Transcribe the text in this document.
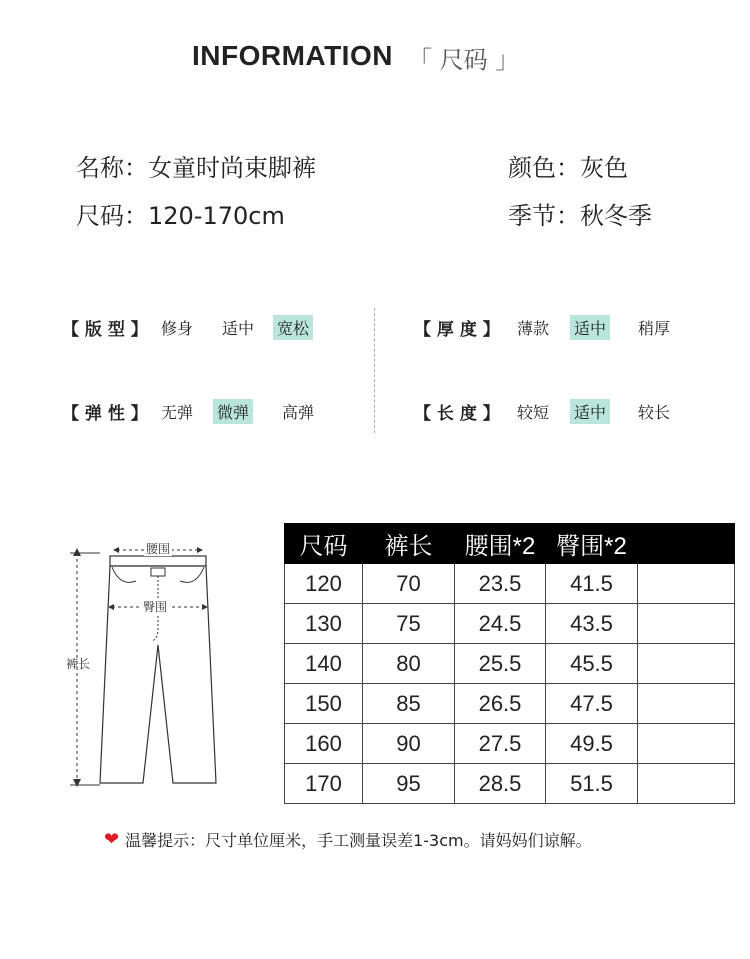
INFORMATION 「 尺码 」
名称：女童时尚束脚裤	颜色：灰色
尺码：120-170cm	季节：秋冬季
【 版 型 】 修身 适中 宽松	【 厚 度 】 薄款 适中 稍厚
【 弹 性 】 无弹 微弹 高弹	【 长 度 】 较短 适中 较长
裤长
腰围
臀围
尺码	裤长	腰围*2	臀围*2	
120	70	23.5	41.5	
130	75	24.5	43.5	
140	80	25.5	45.5	
150	85	26.5	47.5	
160	90	27.5	49.5	
170	95	28.5	51.5	
❤ 温馨提示：尺寸单位厘米，手工测量误差1-3cm。请妈妈们谅解。
